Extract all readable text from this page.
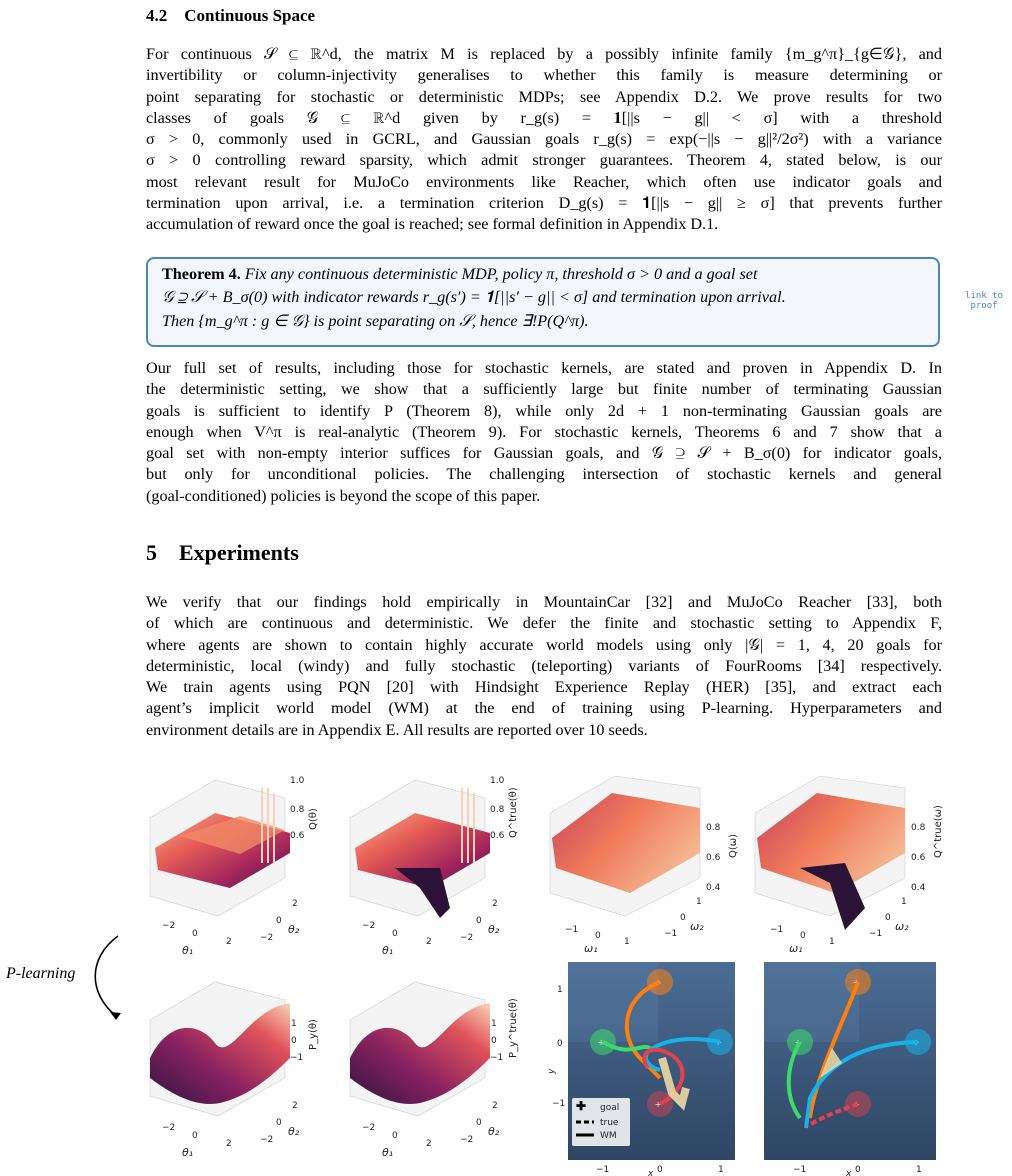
4.2 Continuous Space
For continuous 𝒮 ⊆ ℝ^d, the matrix M is replaced by a possibly infinite family {m_g^π}_{g∈𝒢}, and
invertibility or column-injectivity generalises to whether this family is measure determining or
point separating for stochastic or deterministic MDPs; see Appendix D.2. We prove results for two
classes of goals 𝒢 ⊆ ℝ^d given by r_g(s) = 𝟏[||s − g|| < σ] with a threshold
σ > 0, commonly used in GCRL, and Gaussian goals r_g(s) = exp(−||s − g||²/2σ²) with a variance
σ > 0 controlling reward sparsity, which admit stronger guarantees. Theorem 4, stated below, is our
most relevant result for MuJoCo environments like Reacher, which often use indicator goals and
termination upon arrival, i.e. a termination criterion D_g(s) = 𝟏[||s − g|| ≥ σ] that prevents further
accumulation of reward once the goal is reached; see formal definition in Appendix D.1.
Theorem 4. Fix any continuous deterministic MDP, policy π, threshold σ > 0 and a goal set
𝒢 ⊇ 𝒮 + B_σ(0) with indicator rewards r_g(s′) = 𝟏[||s′ − g|| < σ] and termination upon arrival.
Then {m_g^π : g ∈ 𝒢} is point separating on 𝒮, hence ∃!P(Q^π).
link to
proof
Our full set of results, including those for stochastic kernels, are stated and proven in Appendix D. In
the deterministic setting, we show that a sufficiently large but finite number of terminating Gaussian
goals is sufficient to identify P (Theorem 8), while only 2d + 1 non-terminating Gaussian goals are
enough when V^π is real-analytic (Theorem 9). For stochastic kernels, Theorems 6 and 7 show that a
goal set with non-empty interior suffices for Gaussian goals, and 𝒢 ⊇ 𝒮 + B_σ(0) for indicator goals,
but only for unconditional policies. The challenging intersection of stochastic kernels and general
(goal-conditioned) policies is beyond the scope of this paper.
5 Experiments
We verify that our findings hold empirically in MountainCar [32] and MuJoCo Reacher [33], both
of which are continuous and deterministic. We defer the finite and stochastic setting to Appendix F,
where agents are shown to contain highly accurate world models using only |𝒢| = 1, 4, 20 goals for
deterministic, local (windy) and fully stochastic (teleporting) variants of FourRooms [34] respectively.
We train agents using PQN [20] with Hindsight Experience Replay (HER) [35], and extract each
agent’s implicit world model (WM) at the end of training using P-learning. Hyperparameters and
environment details are in Appendix E. All results are reported over 10 seeds.
P-learning
1.0
0.8
0.6
−2
0
2	−2
0
2
θ₁
θ₂
Q(θ)
1.0
0.8
0.6
−2
0
2	−2
0
2
θ₁
θ₂
Q^true(θ)	0.8
0.6
0.4
−1
0
1
−1
0
1
ω₁
ω₂
Q(ω)
0.8
0.6
0.4
−1
0
1
−1
0
1
ω₁
ω₂
Q^true(ω)
1
0
−1
−2
0
2	−2
0
2
θ₁
θ₂
P_y(θ)	1
0
−1
−2
0
2	−2
0
2
θ₁
θ₂
P_y^true(θ)
+
+	+
+
✚ goal
true
WM
1
0
−1
−1	0	1
x
y
+
+	+
+
−1	0	1
x
